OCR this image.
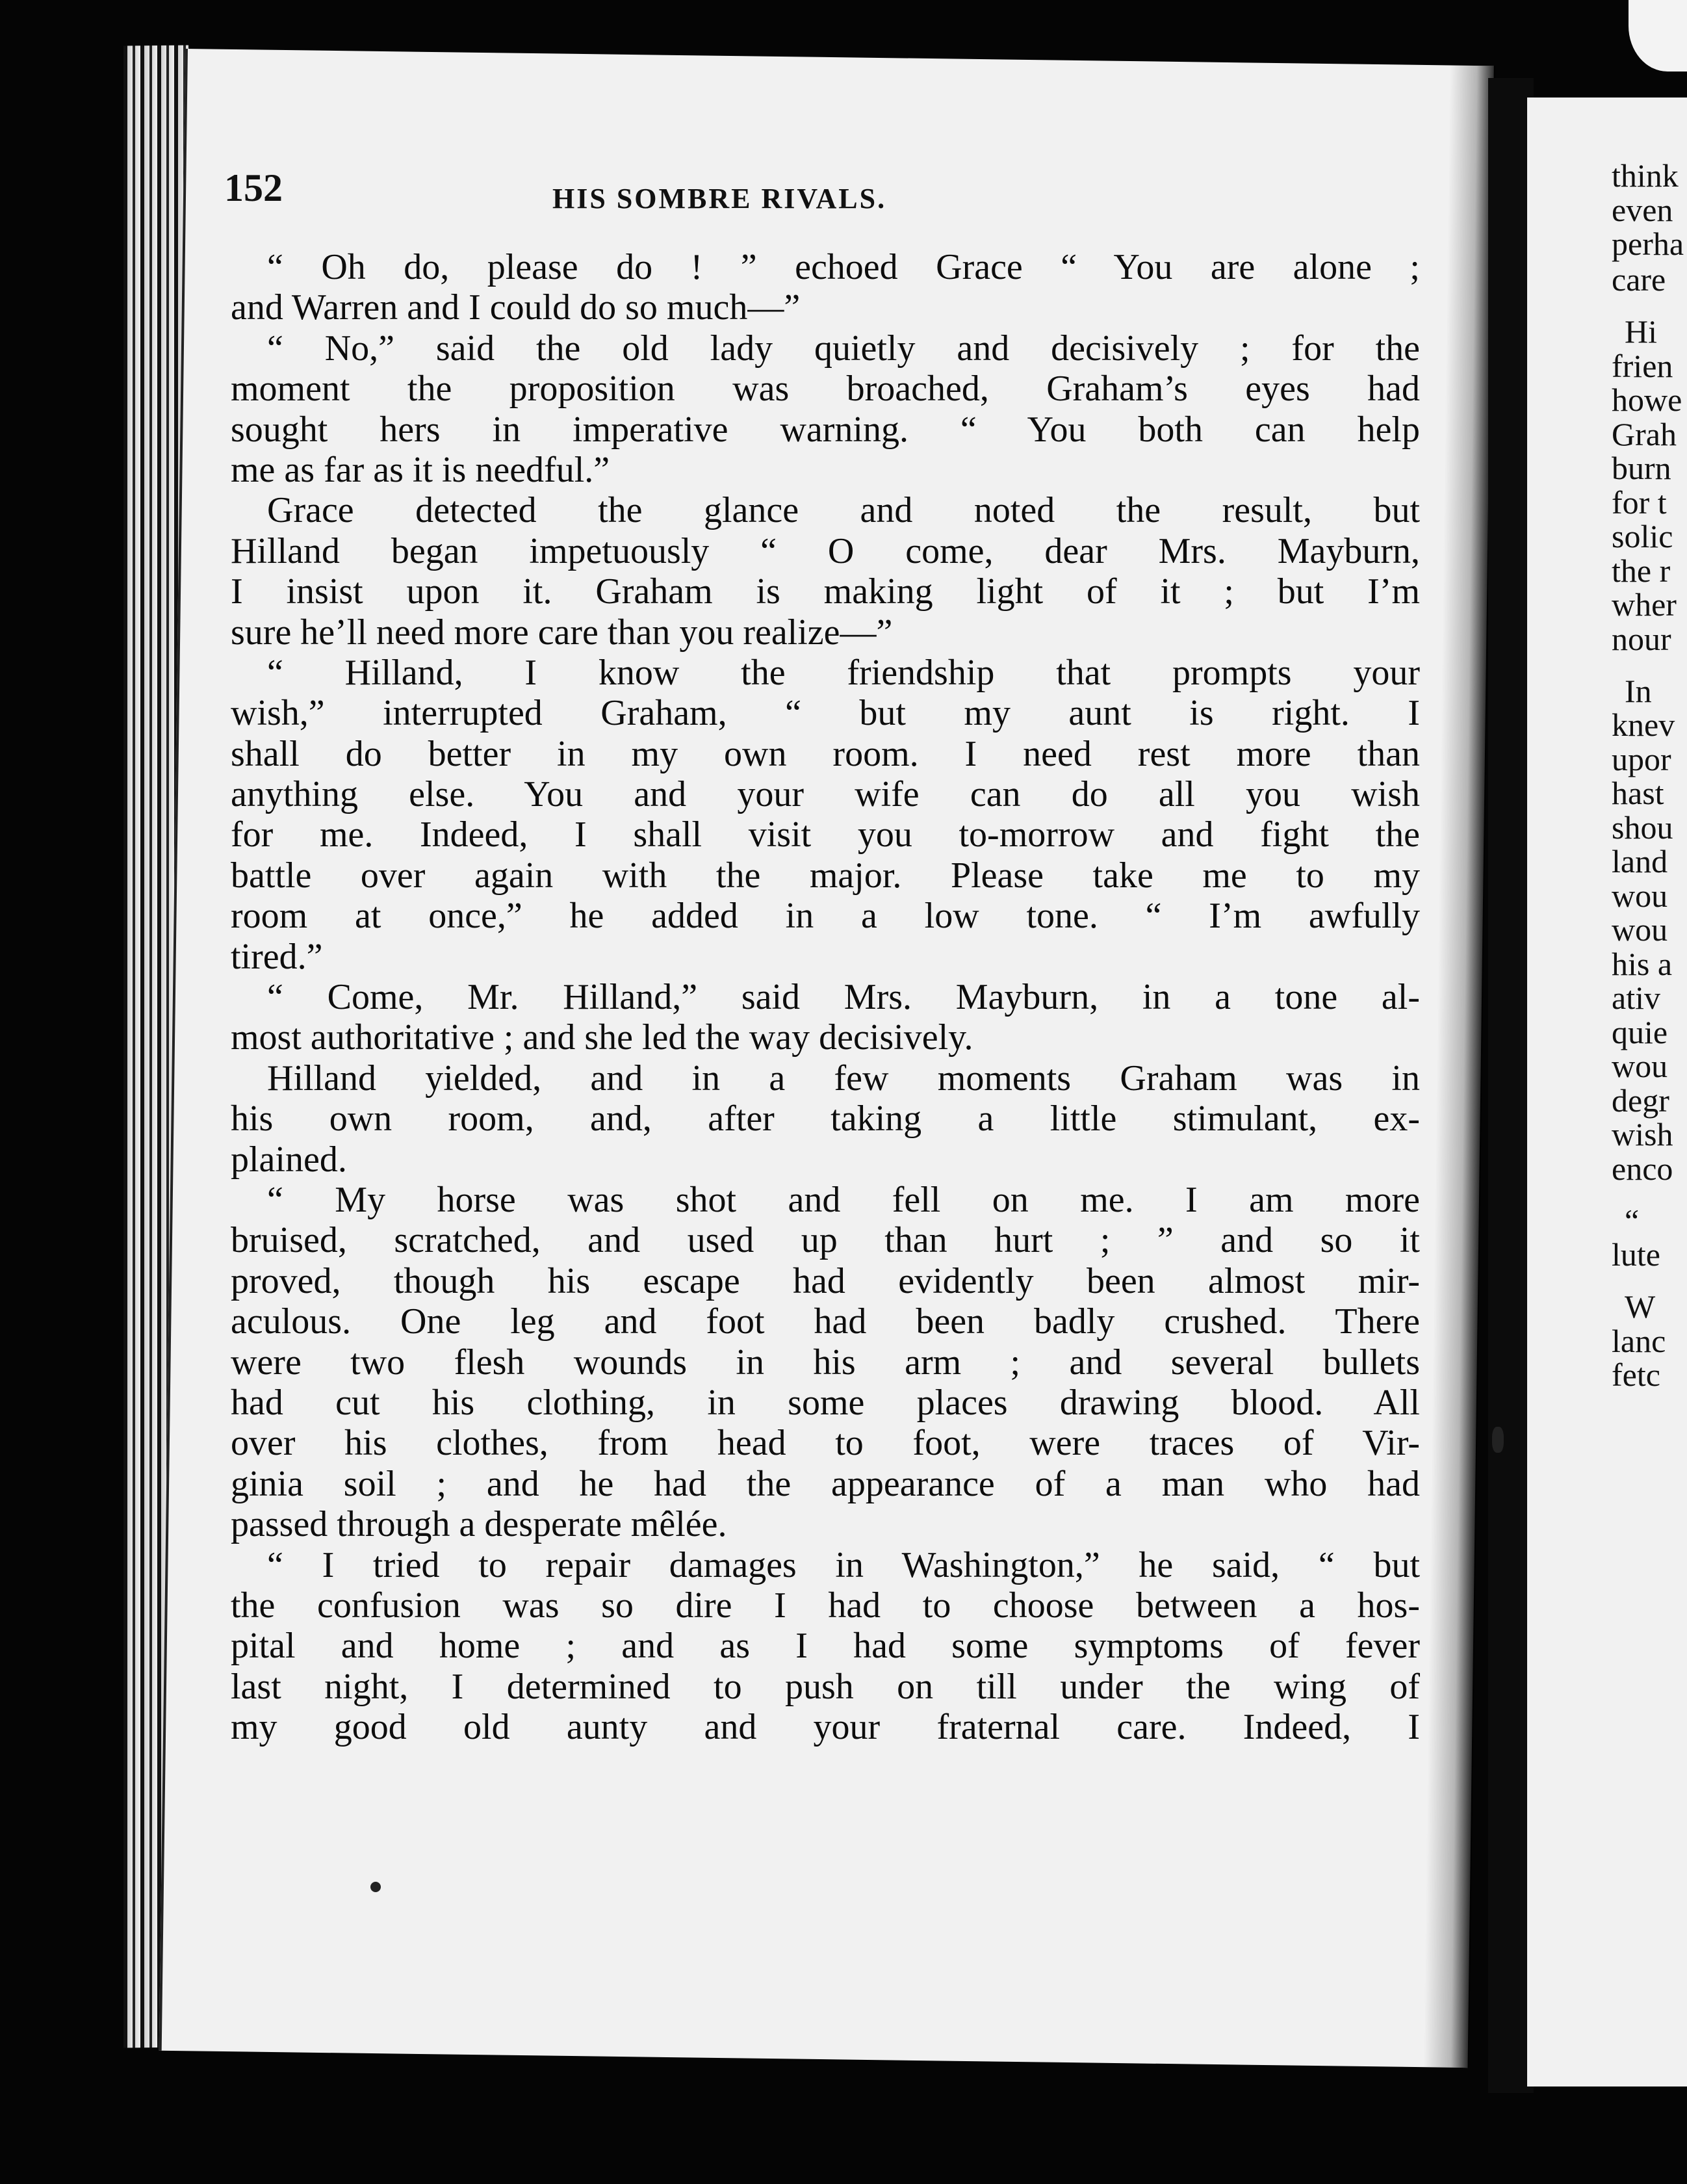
think
even
perha
care
Hi
frien
howe
Grah
burn
for t
solic
the r
wher
nour
In
knev
upor
hast
shou
land
wou
wou
his a
ativ
quie
wou
degr
wish
enco
“
lute
W
lanc
fetc
152	HIS SOMBRE RIVALS.
“ Oh do, please do ! ” echoed Grace “ You are alone ;
and Warren and I could do so much—”
“ No,” said the old lady quietly and decisively ; for the
moment the proposition was broached, Graham’s eyes had
sought hers in imperative warning. “ You both can help
me as far as it is needful.”
Grace detected the glance and noted the result, but
Hilland began impetuously “ O come, dear Mrs. Mayburn,
I insist upon it. Graham is making light of it ; but I’m
sure he’ll need more care than you realize—”
“ Hilland, I know the friendship that prompts your
wish,” interrupted Graham, “ but my aunt is right. I
shall do better in my own room. I need rest more than
anything else. You and your wife can do all you wish
for me. Indeed, I shall visit you to-morrow and fight the
battle over again with the major. Please take me to my
room at once,” he added in a low tone. “ I’m awfully
tired.”
“ Come, Mr. Hilland,” said Mrs. Mayburn, in a tone al-
most authoritative ; and she led the way decisively.
Hilland yielded, and in a few moments Graham was in
his own room, and, after taking a little stimulant, ex-
plained.
“ My horse was shot and fell on me. I am more
bruised, scratched, and used up than hurt ; ” and so it
proved, though his escape had evidently been almost mir-
aculous. One leg and foot had been badly crushed. There
were two flesh wounds in his arm ; and several bullets
had cut his clothing, in some places drawing blood. All
over his clothes, from head to foot, were traces of Vir-
ginia soil ; and he had the appearance of a man who had
passed through a desperate mêlée.
“ I tried to repair damages in Washington,” he said, “ but
the confusion was so dire I had to choose between a hos-
pital and home ; and as I had some symptoms of fever
last night, I determined to push on till under the wing of
my good old aunty and your fraternal care. Indeed, I
